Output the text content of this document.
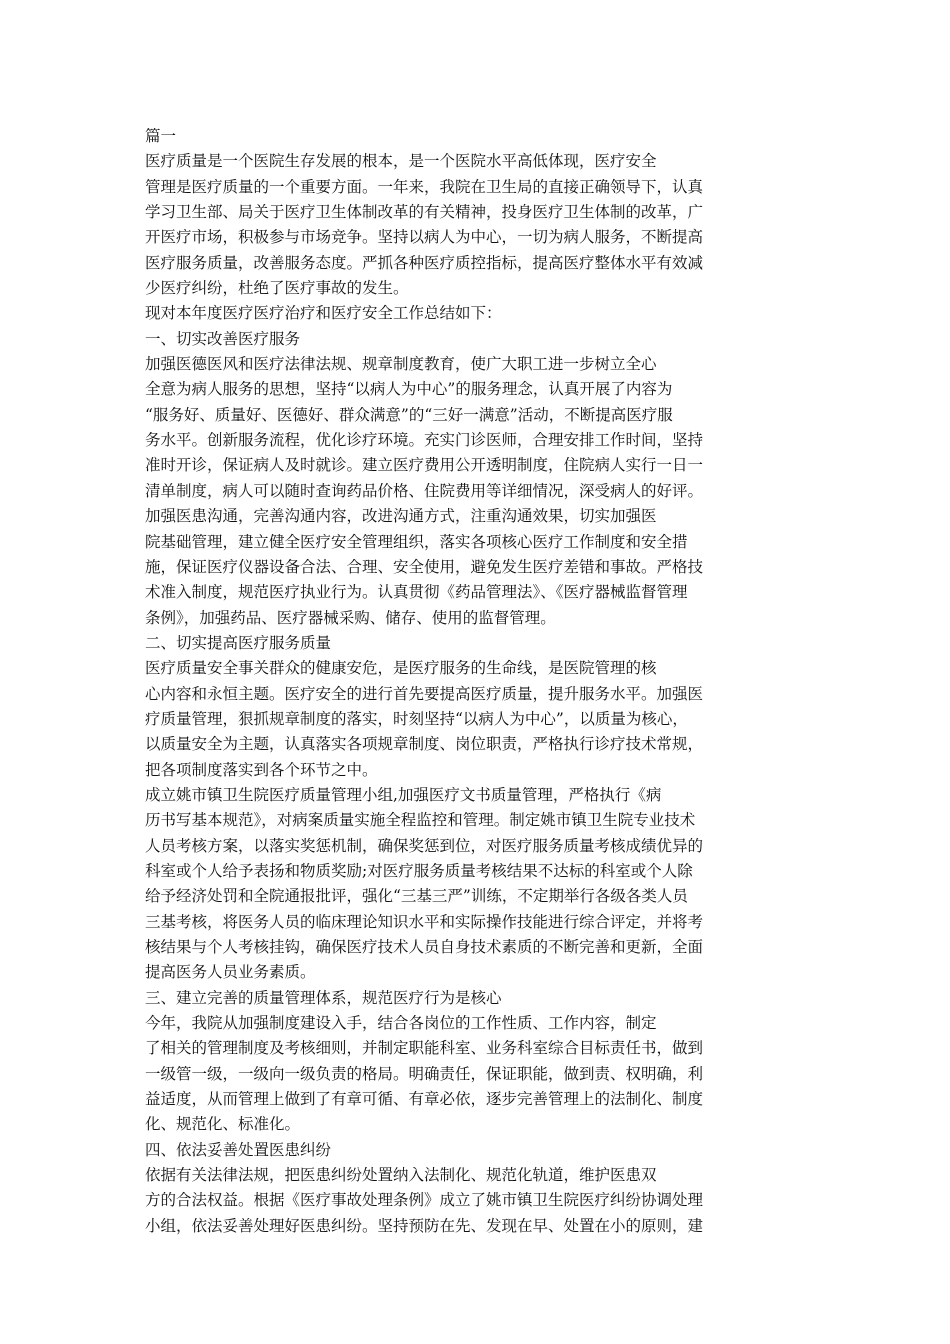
篇一
医疗质量是一个医院生存发展的根本，是一个医院水平高低体现，医疗安全
管理是医疗质量的一个重要方面。一年来，我院在卫生局的直接正确领导下，认真
学习卫生部、局关于医疗卫生体制改革的有关精神，投身医疗卫生体制的改革，广
开医疗市场，积极参与市场竞争。坚持以病人为中心，一切为病人服务，不断提高
医疗服务质量，改善服务态度。严抓各种医疗质控指标，提高医疗整体水平有效减
少医疗纠纷，杜绝了医疗事故的发生。
现对本年度医疗医疗治疗和医疗安全工作总结如下：
一、切实改善医疗服务
加强医德医风和医疗法律法规、规章制度教育，使广大职工进一步树立全心
全意为病人服务的思想，坚持“以病人为中心”的服务理念，认真开展了内容为
“服务好、质量好、医德好、群众满意”的“三好一满意”活动，不断提高医疗服
务水平。创新服务流程，优化诊疗环境。充实门诊医师，合理安排工作时间，坚持
准时开诊，保证病人及时就诊。建立医疗费用公开透明制度，住院病人实行一日一
清单制度，病人可以随时查询药品价格、住院费用等详细情况，深受病人的好评。
加强医患沟通，完善沟通内容，改进沟通方式，注重沟通效果，切实加强医
院基础管理，建立健全医疗安全管理组织，落实各项核心医疗工作制度和安全措
施，保证医疗仪器设备合法、合理、安全使用，避免发生医疗差错和事故。严格技
术准入制度，规范医疗执业行为。认真贯彻《药品管理法》、《医疗器械监督管理
条例》，加强药品、医疗器械采购、储存、使用的监督管理。
二、切实提高医疗服务质量
医疗质量安全事关群众的健康安危，是医疗服务的生命线，是医院管理的核
心内容和永恒主题。医疗安全的进行首先要提高医疗质量，提升服务水平。加强医
疗质量管理，狠抓规章制度的落实，时刻坚持“以病人为中心”，以质量为核心，
以质量安全为主题，认真落实各项规章制度、岗位职责，严格执行诊疗技术常规，
把各项制度落实到各个环节之中。
成立姚市镇卫生院医疗质量管理小组,加强医疗文书质量管理，严格执行《病
历书写基本规范》，对病案质量实施全程监控和管理。制定姚市镇卫生院专业技术
人员考核方案，以落实奖惩机制，确保奖惩到位，对医疗服务质量考核成绩优异的
科室或个人给予表扬和物质奖励;对医疗服务质量考核结果不达标的科室或个人除
给予经济处罚和全院通报批评，强化“三基三严”训练，不定期举行各级各类人员
三基考核，将医务人员的临床理论知识水平和实际操作技能进行综合评定，并将考
核结果与个人考核挂钩，确保医疗技术人员自身技术素质的不断完善和更新，全面
提高医务人员业务素质。
三、建立完善的质量管理体系，规范医疗行为是核心
今年，我院从加强制度建设入手，结合各岗位的工作性质、工作内容，制定
了相关的管理制度及考核细则，并制定职能科室、业务科室综合目标责任书，做到
一级管一级，一级向一级负责的格局。明确责任，保证职能，做到责、权明确，利
益适度，从而管理上做到了有章可循、有章必依，逐步完善管理上的法制化、制度
化、规范化、标准化。
四、依法妥善处置医患纠纷
依据有关法律法规，把医患纠纷处置纳入法制化、规范化轨道，维护医患双
方的合法权益。根据《医疗事故处理条例》成立了姚市镇卫生院医疗纠纷协调处理
小组，依法妥善处理好医患纠纷。坚持预防在先、发现在早、处置在小的原则，建
